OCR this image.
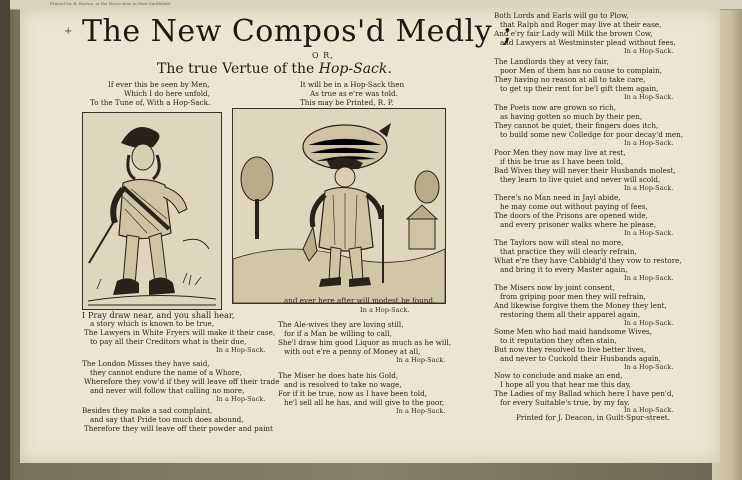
Printed for R. Burton, at the Horse-shoe in West-Smithfield
+ The New Compos'd Medly ;
O R,
The true Vertue of the Hop-Sack.
If ever this be seen by Men,
Which I do here unfold,
To the Tune of, With a Hop-Sack.
It will be in a Hop-Sack then
As true as e're was told.
This may be Printed, R. P.
I Pray draw near, and you shall hear,
a story which is known to be true,
The Lawyers in White Fryers will make it their case,
to pay all their Creditors what is their due,
In a Hop-Sack.
The London Misses they have said,
they cannot endure the name of a Whore,
Wherefore they vow'd if they will leave off their trade
and never will follow that calling no more,
In a Hop-Sack.
Besides they make a sad complaint,
and say that Pride too much does abound,
Therefore they will leave off their powder and paint
and ever here after will modest be found,
In a Hop-Sack.
The Ale-wives they are loving still,
for if a Man be willing to call,
She'l draw him good Liquor as much as he will,
with out e're a penny of Money at all,
In a Hop-Sack.
The Miser he does hate his Gold,
and is resolved to take no wage,
For if it be true, now as I have been told,
he'l sell all he has, and will give to the poor,
In a Hop-Sack.
Both Lords and Earls will go to Plow,
that Ralph and Roger may live at their ease,
And e'ry fair Lady will Milk the brown Cow,
and Lawyers at Westminster plead without fees,
In a Hop-Sack.
The Landlords they at very fair,
poor Men of them has no cause to complain,
They having no reason at all to take care,
to get up their rent for be'l gift them again,
In a Hop-Sack.
The Poets now are grown so rich,
as having gotten so much by their pen,
They cannot be quiet, their fingers does itch,
to build some new Colledge for poor decay'd men,
In a Hop-Sack.
Poor Men they now may live at rest,
if this be true as I have been told,
Bad Wives they will never their Husbands molest,
they learn to live quiet and never will scold,
In a Hop-Sack.
There's no Man need in Jayl abide,
he may come out without paying of fees,
The doors of the Prisons are opened wide,
and every prisoner walks where he please,
In a Hop-Sack.
The Taylors now will steal no more,
that practice they will clearly refrain,
What e're they have Cabbidg'd they vow to restore,
and bring it to every Master again,
In a Hop-Sack.
The Misers now by joint consent,
from griping poor men they will refrain,
And likewise forgive them the Money they lent,
restoring them all their apparel again,
In a Hop-Sack.
Some Men who had maid handsome Wives,
to it reputation they often stain,
But now they resolved to live better lives,
and never to Cuckold their Husbands again,
In a Hop-Sack.
Now to conclude and make an end,
I hope all you that hear me this day,
The Ladies of my Ballad which here I have pen'd,
for every Suitable's true, by my fay.
In a Hop-Sack.
Printed for J. Deacon, in Guilt-Spur-street.
